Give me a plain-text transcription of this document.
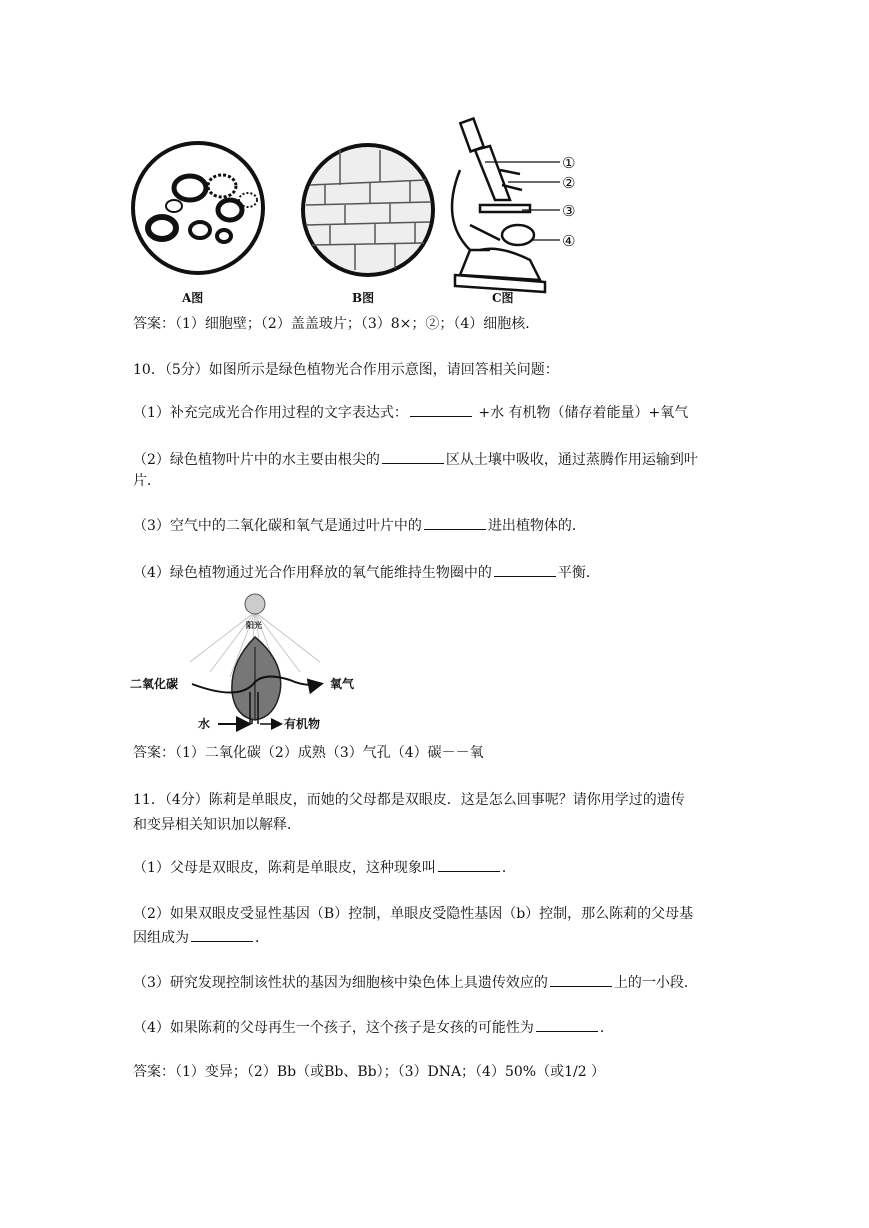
①
②
③
④
A图	B图	C图
答案：（1）细胞壁；（2）盖盖玻片；（3）8×；②；（4）细胞核．
10．（5分）如图所示是绿色植物光合作用示意图，请回答相关问题：
（1）补充完成光合作用过程的文字表达式：	+水 有机物（储存着能量）+氧气
（2）绿色植物叶片中的水主要由根尖的	区从土壤中吸收，通过蒸腾作用运输到叶
片．
（3）空气中的二氧化碳和氧气是通过叶片中的	进出植物体的．
（4）绿色植物通过光合作用释放的氧气能维持生物圈中的	平衡．
阳光
二氧化碳	氧气
水	有机物
答案：（1）二氧化碳（2）成熟（3）气孔（4）碳－－氧
11．（4分）陈莉是单眼皮，而她的父母都是双眼皮．这是怎么回事呢？请你用学过的遗传
和变异相关知识加以解释．
（1）父母是双眼皮，陈莉是单眼皮，这种现象叫	．
（2）如果双眼皮受显性基因（B）控制，单眼皮受隐性基因（b）控制，那么陈莉的父母基
因组成为	．
（3）研究发现控制该性状的基因为细胞核中染色体上具遗传效应的	上的一小段．
（4）如果陈莉的父母再生一个孩子，这个孩子是女孩的可能性为	．
答案：（1）变异；（2）Bb（或Bb、Bb）；（3）DNA；（4）50%（或1/2 ）
